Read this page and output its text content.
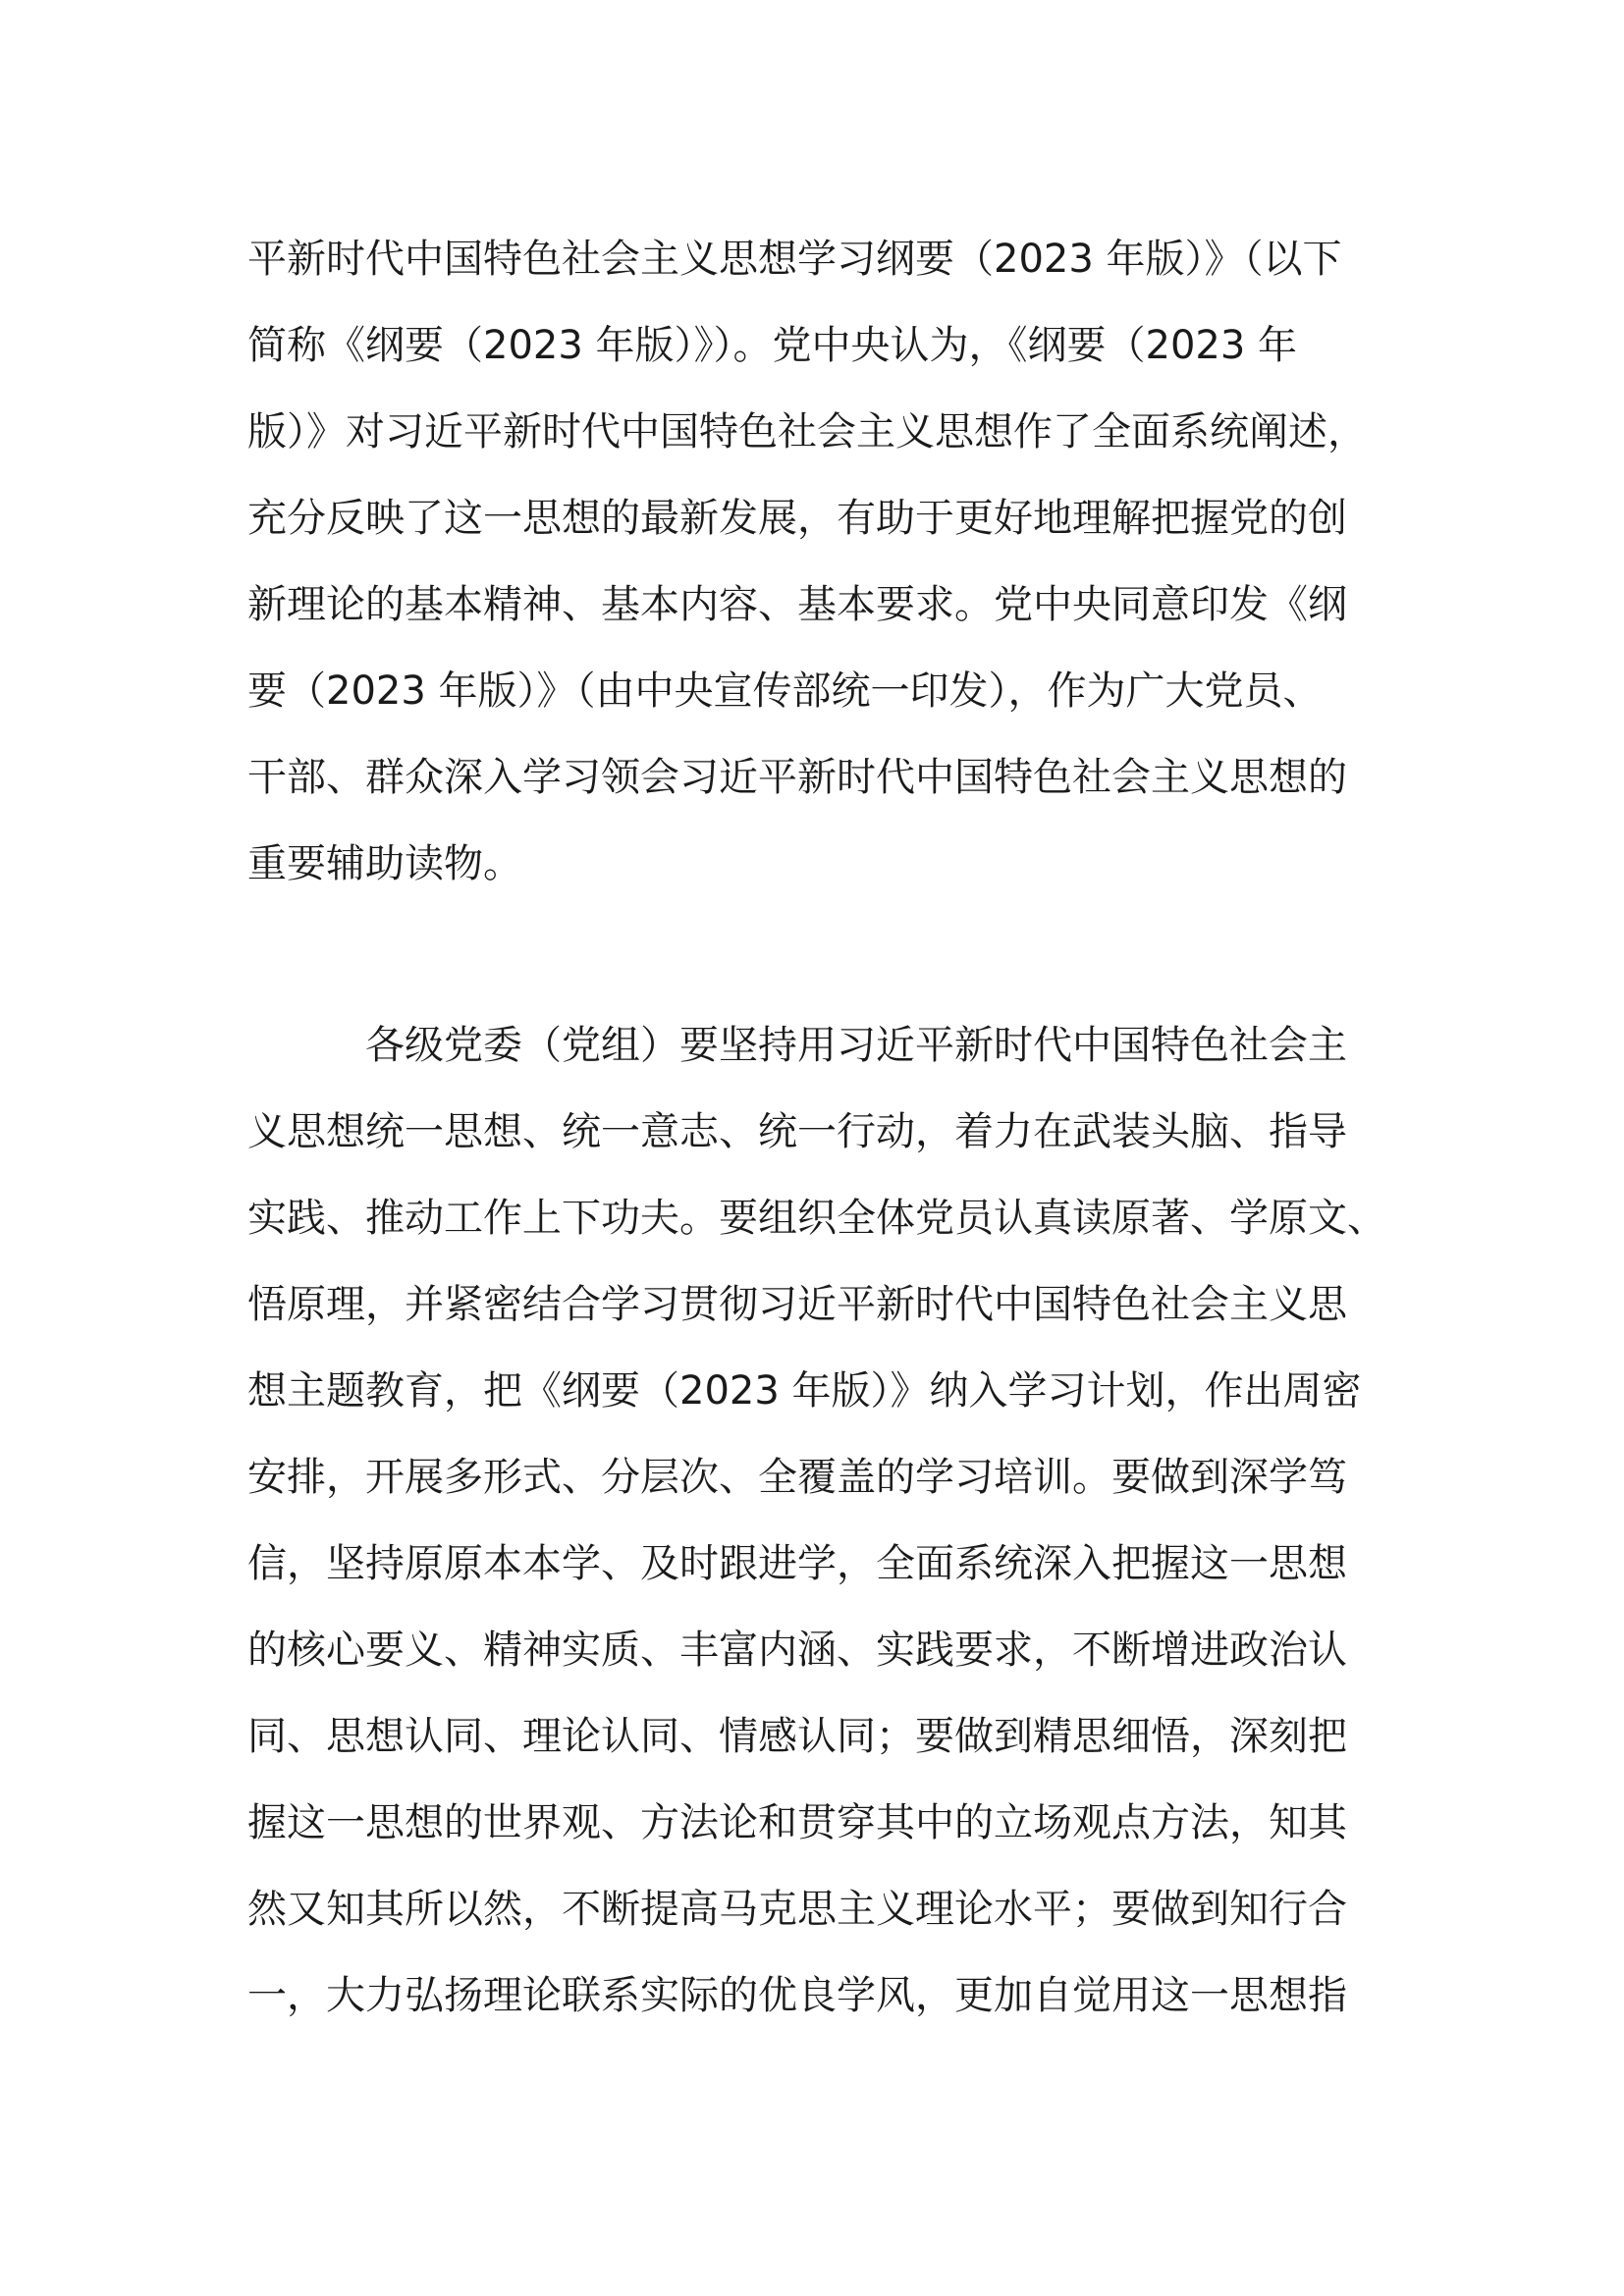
平新时代中国特色社会主义思想学习纲要（2023 年版）》（以下
简称《纲要（2023 年版）》）。党中央认为，《纲要（2023 年
版）》对习近平新时代中国特色社会主义思想作了全面系统阐述，
充分反映了这一思想的最新发展，有助于更好地理解把握党的创
新理论的基本精神、基本内容、基本要求。党中央同意印发《纲
要（2023 年版）》（由中央宣传部统一印发），作为广大党员、
干部、群众深入学习领会习近平新时代中国特色社会主义思想的
重要辅助读物。
各级党委（党组）要坚持用习近平新时代中国特色社会主
义思想统一思想、统一意志、统一行动，着力在武装头脑、指导
实践、推动工作上下功夫。要组织全体党员认真读原著、学原文、
悟原理，并紧密结合学习贯彻习近平新时代中国特色社会主义思
想主题教育，把《纲要（2023 年版）》纳入学习计划，作出周密
安排，开展多形式、分层次、全覆盖的学习培训。要做到深学笃
信，坚持原原本本学、及时跟进学，全面系统深入把握这一思想
的核心要义、精神实质、丰富内涵、实践要求，不断增进政治认
同、思想认同、理论认同、情感认同；要做到精思细悟，深刻把
握这一思想的世界观、方法论和贯穿其中的立场观点方法，知其
然又知其所以然，不断提高马克思主义理论水平；要做到知行合
一，大力弘扬理论联系实际的优良学风，更加自觉用这一思想指
